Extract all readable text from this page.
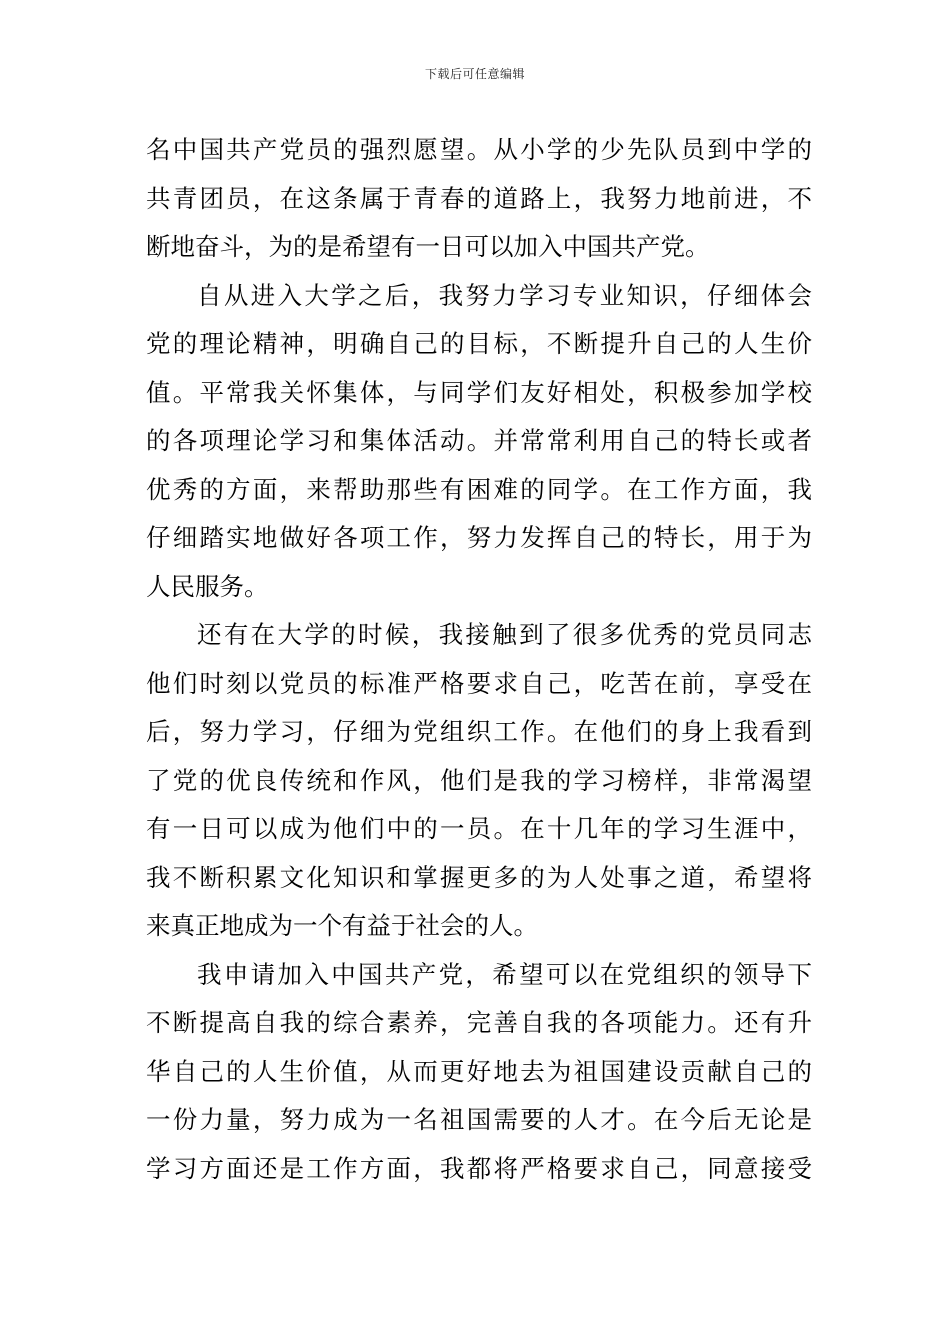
下载后可任意编辑
名中国共产党员的强烈愿望。从小学的少先队员到中学的
共青团员，在这条属于青春的道路上，我努力地前进，不
断地奋斗，为的是希望有一日可以加入中国共产党。
自从进入大学之后，我努力学习专业知识，仔细体会
党的理论精神，明确自己的目标，不断提升自己的人生价
值。平常我关怀集体，与同学们友好相处，积极参加学校
的各项理论学习和集体活动。并常常利用自己的特长或者
优秀的方面，来帮助那些有困难的同学。在工作方面，我
仔细踏实地做好各项工作，努力发挥自己的特长，用于为
人民服务。
还有在大学的时候，我接触到了很多优秀的党员同志
他们时刻以党员的标准严格要求自己，吃苦在前，享受在
后，努力学习，仔细为党组织工作。在他们的身上我看到
了党的优良传统和作风，他们是我的学习榜样，非常渴望
有一日可以成为他们中的一员。在十几年的学习生涯中，
我不断积累文化知识和掌握更多的为人处事之道，希望将
来真正地成为一个有益于社会的人。
我申请加入中国共产党，希望可以在党组织的领导下
不断提高自我的综合素养，完善自我的各项能力。还有升
华自己的人生价值，从而更好地去为祖国建设贡献自己的
一份力量，努力成为一名祖国需要的人才。在今后无论是
学习方面还是工作方面，我都将严格要求自己，同意接受
